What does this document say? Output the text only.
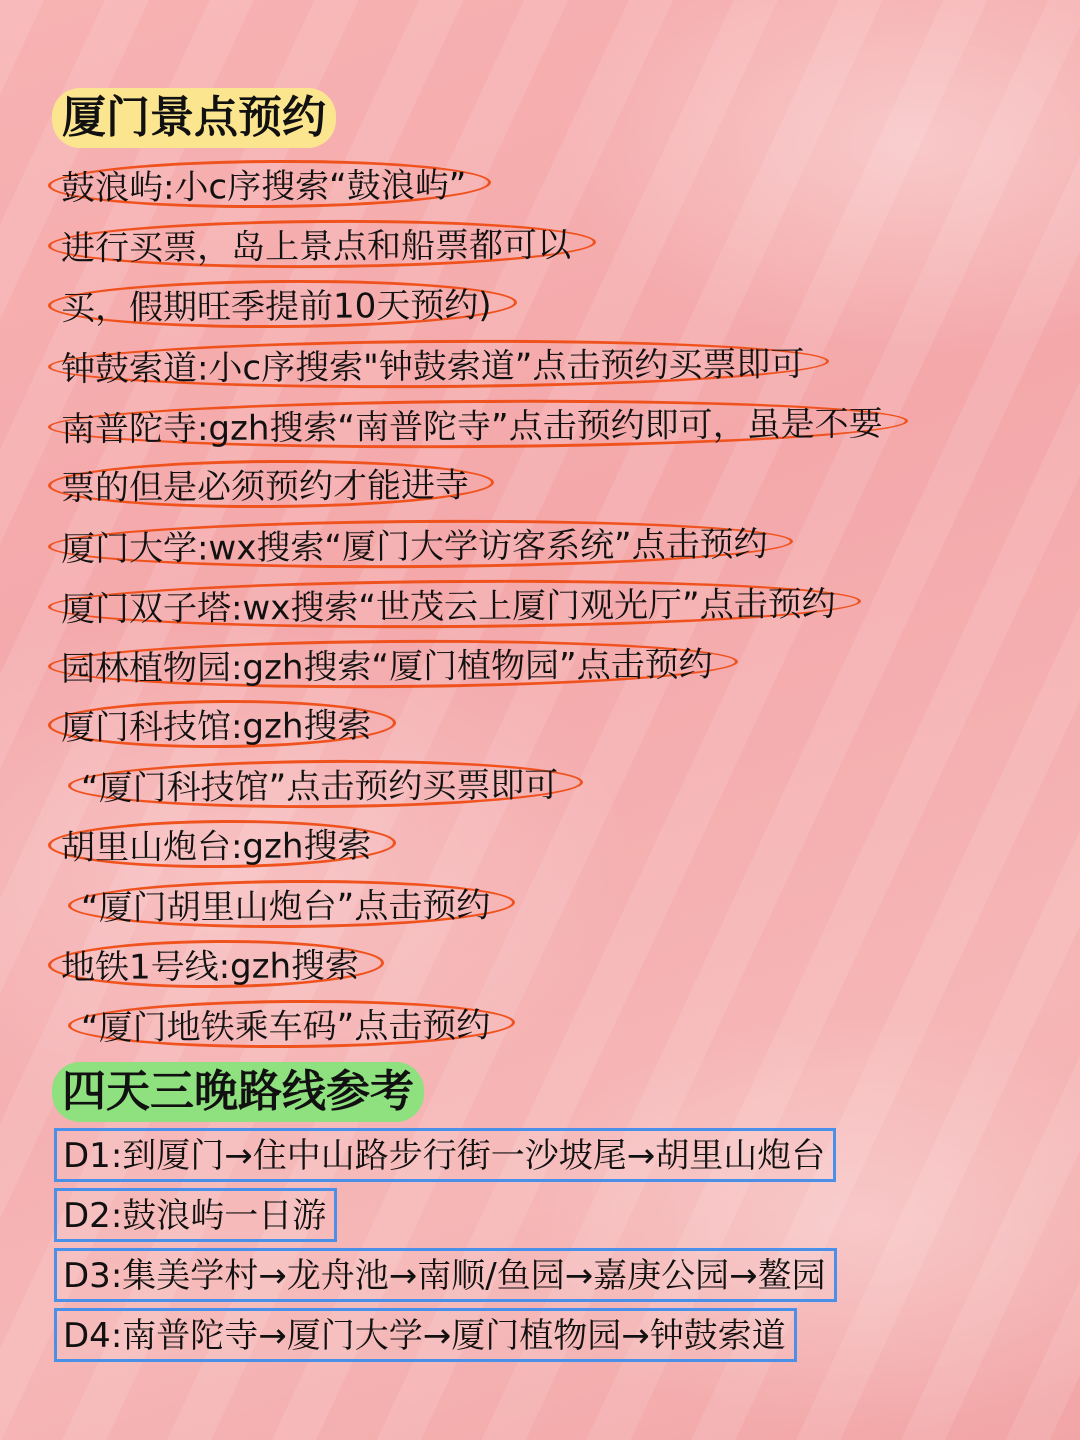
厦门景点预约
鼓浪屿:小c序搜索“鼓浪屿”
进行买票，岛上景点和船票都可以
买，假期旺季提前10天预约)
钟鼓索道:小c序搜索"钟鼓索道”点击预约买票即可
南普陀寺:gzh搜索“南普陀寺”点击预约即可，虽是不要
票的但是必须预约才能进寺
厦门大学:wx搜索“厦门大学访客系统”点击预约
厦门双子塔:wx搜索“世茂云上厦门观光厅”点击预约
园林植物园:gzh搜索“厦门植物园”点击预约
厦门科技馆:gzh搜索
“厦门科技馆”点击预约买票即可
胡里山炮台:gzh搜索
“厦门胡里山炮台”点击预约
地铁1号线:gzh搜索
“厦门地铁乘车码”点击预约
四天三晚路线参考
D1:到厦门→住中山路步行街一沙坡尾→胡里山炮台
D2:鼓浪屿一日游
D3:集美学村→龙舟池→南顺/鱼园→嘉庚公园→鳌园
D4:南普陀寺→厦门大学→厦门植物园→钟鼓索道
